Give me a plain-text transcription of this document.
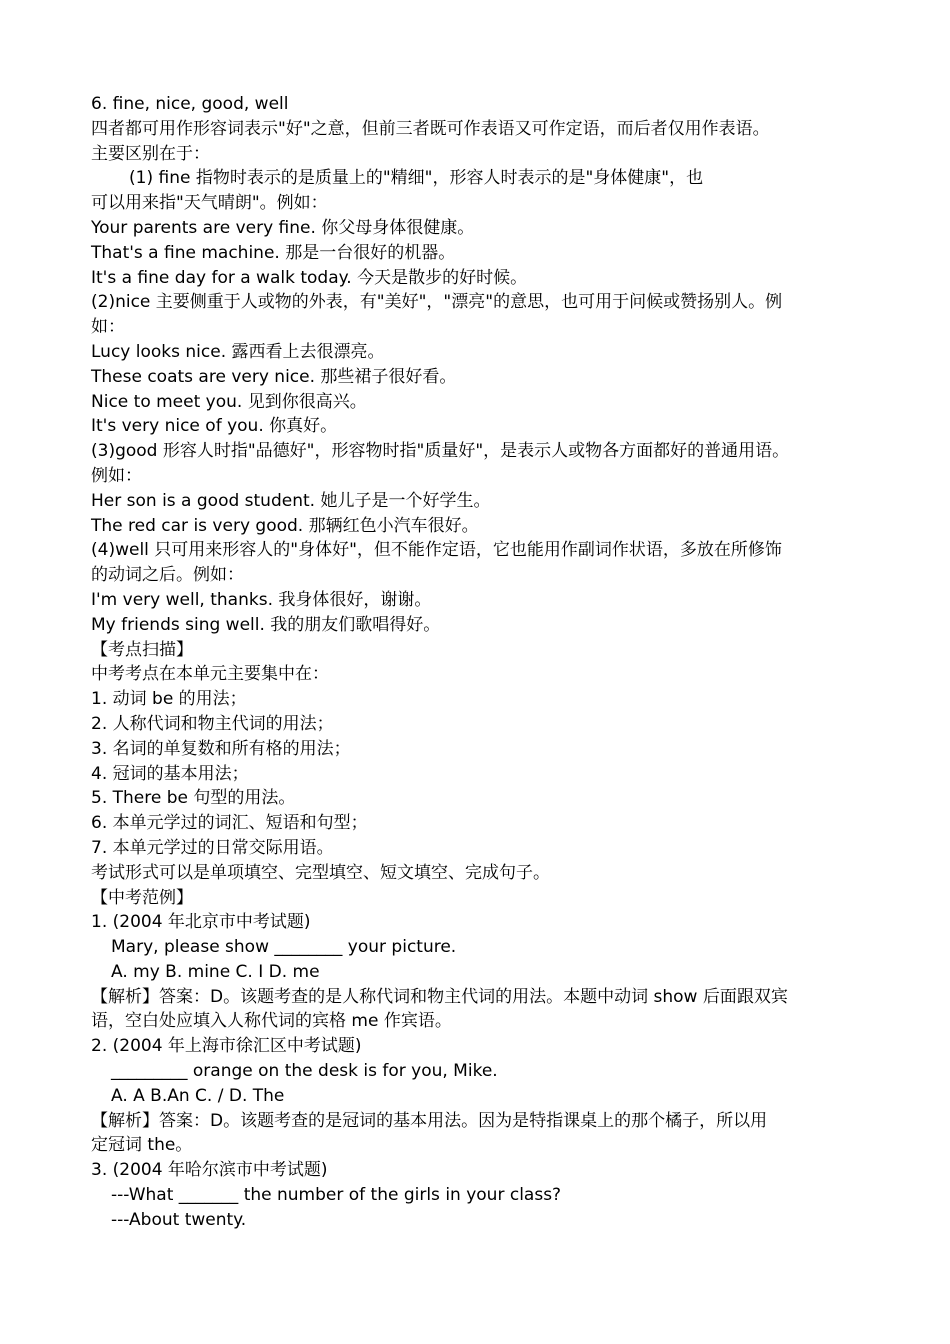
6. fine, nice, good, well
四者都可用作形容词表示"好"之意，但前三者既可作表语又可作定语，而后者仅用作表语。
主要区别在于：
(1) fine 指物时表示的是质量上的"精细"，形容人时表示的是"身体健康"，也
可以用来指"天气晴朗"。例如：
Your parents are very fine. 你父母身体很健康。
That's a fine machine. 那是一台很好的机器。
It's a fine day for a walk today. 今天是散步的好时候。
(2)nice 主要侧重于人或物的外表，有"美好"，"漂亮"的意思，也可用于问候或赞扬别人。例
如：
Lucy looks nice. 露西看上去很漂亮。
These coats are very nice. 那些裙子很好看。
Nice to meet you. 见到你很高兴。
It's very nice of you. 你真好。
(3)good 形容人时指"品德好"，形容物时指"质量好"，是表示人或物各方面都好的普通用语。
例如：
Her son is a good student. 她儿子是一个好学生。
The red car is very good. 那辆红色小汽车很好。
(4)well 只可用来形容人的"身体好"，但不能作定语，它也能用作副词作状语，多放在所修饰
的动词之后。例如：
I'm very well, thanks. 我身体很好，谢谢。
My friends sing well. 我的朋友们歌唱得好。
【考点扫描】
中考考点在本单元主要集中在：
1. 动词 be 的用法；
2. 人称代词和物主代词的用法；
3. 名词的单复数和所有格的用法；
4. 冠词的基本用法；
5. There be 句型的用法。
6. 本单元学过的词汇、短语和句型；
7. 本单元学过的日常交际用语。
考试形式可以是单项填空、完型填空、短文填空、完成句子。
【中考范例】
1. (2004 年北京市中考试题)
Mary, please show ________ your picture.
A. my B. mine C. I D. me
【解析】答案：D。该题考查的是人称代词和物主代词的用法。本题中动词 show 后面跟双宾
语，空白处应填入人称代词的宾格 me 作宾语。
2. (2004 年上海市徐汇区中考试题)
_________ orange on the desk is for you, Mike.
A. A B.An C. / D. The
【解析】答案：D。该题考查的是冠词的基本用法。因为是特指课桌上的那个橘子，所以用
定冠词 the。
3. (2004 年哈尔滨市中考试题)
---What _______ the number of the girls in your class?
---About twenty.
